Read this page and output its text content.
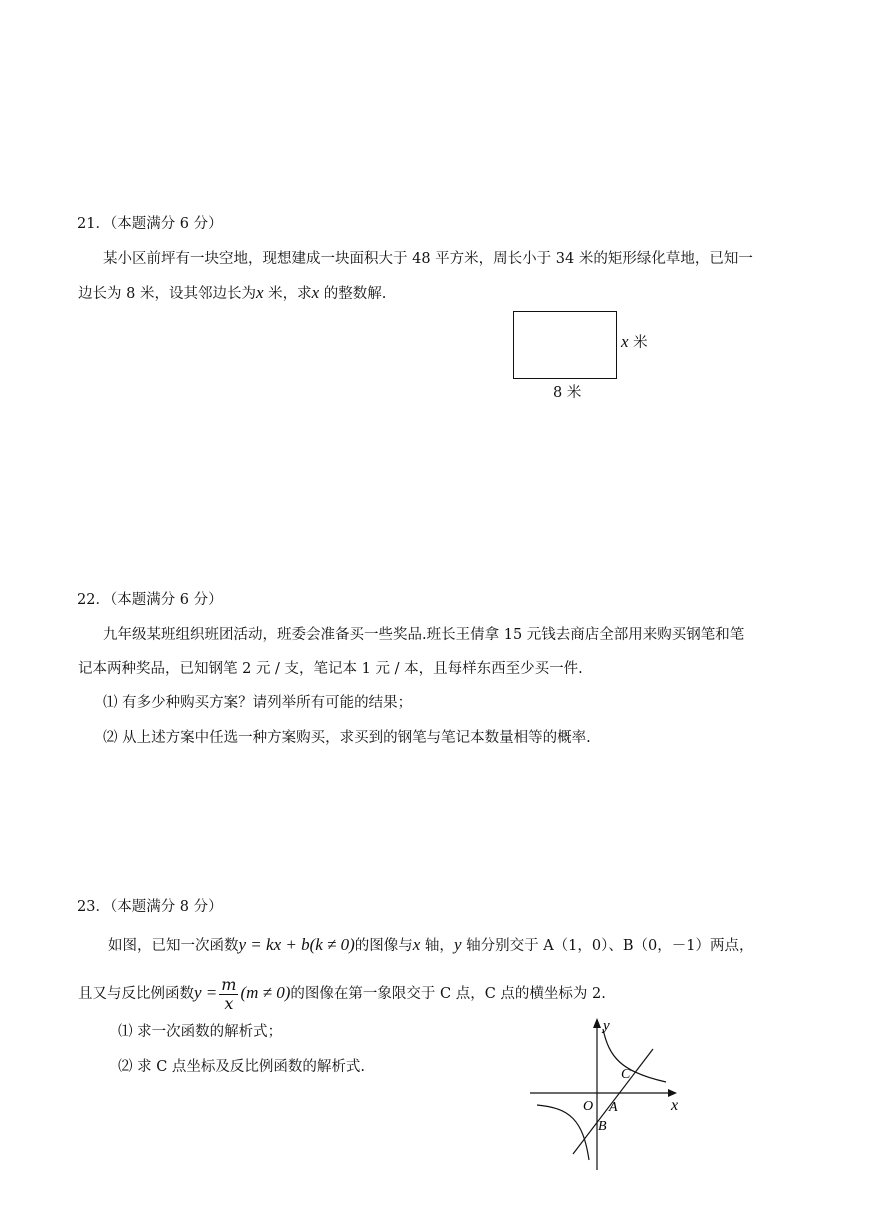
21．（本题满分 6 分）
某小区前坪有一块空地，现想建成一块面积大于 48 平方米，周长小于 34 米的矩形绿化草地，已知一
边长为 8 米，设其邻边长为x 米，求x 的整数解.
x 米
8 米
22．（本题满分 6 分）
九年级某班组织班团活动，班委会准备买一些奖品.班长王倩拿 15 元钱去商店全部用来购买钢笔和笔
记本两种奖品，已知钢笔 2 元 / 支，笔记本 1 元 / 本，且每样东西至少买一件.
⑴ 有多少种购买方案？请列举所有可能的结果；
⑵ 从上述方案中任选一种方案购买，求买到的钢笔与笔记本数量相等的概率.
23．（本题满分 8 分）
如图，已知一次函数y = kx + b(k ≠ 0)的图像与x 轴，y 轴分别交于 A（1，0）、B（0，－1）两点，
且又与反比例函数$y = \frac{m}{x} (m \ne 0)$的图像在第一象限交于 C 点，C 点的横坐标为 2.
⑴ 求一次函数的解析式；
⑵ 求 C 点坐标及反比例函数的解析式.
y
x
O A
B
C
